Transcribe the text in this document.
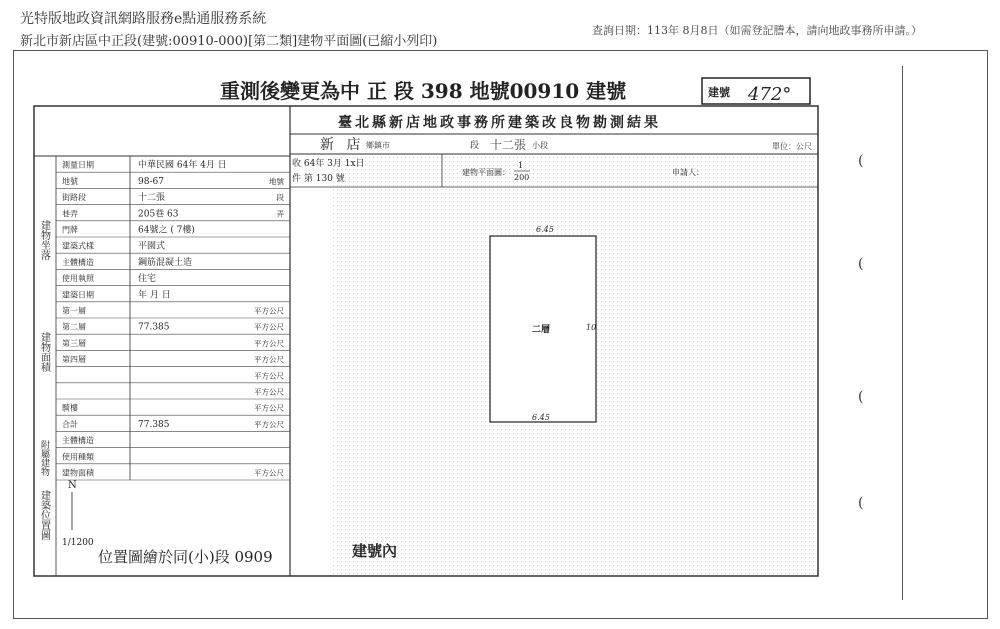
光特版地政資訊網路服務e點通服務系統
新北市新店區中正段(建號:00910-000)[第二類]建物平面圖(已縮小列印)
查詢日期：113年 8月8日（如需登記謄本，請向地政事務所申請。）
重測後變更為中 正 段 398 地號00910 建號	建號 472°
臺北縣新店地政事務所建築改良物勘測結果
新 店 鄉鎮市	段 十二張 小段	單位：公尺
收 64年 3月 1x日
件 第 130 號
建物平面圖：
1
200
申請人：
測量日期	中華民國 64年 4月 日
地號	98-67	地號
街路段	十二張	段
巷弄	205巷 63	弄
門牌	64號之 ( 7樓)
建築式樣	平園式
主體構造	鋼筋混凝土造
使用執照	住宅
建築日期	年 月 日
第一層	平方公尺
第二層	77.385	平方公尺
第三層	平方公尺
第四層	平方公尺
平方公尺
平方公尺
騎樓	平方公尺
合計	77.385	平方公尺
主體構造
使用種類
建物面積	平方公尺
建物坐落
建物面積
附屬建物
建築位置圖
N
1/1200
位置圖繪於同(小)段 0909	建號內
6.45
10
二層
6.45
(
(
(
(
